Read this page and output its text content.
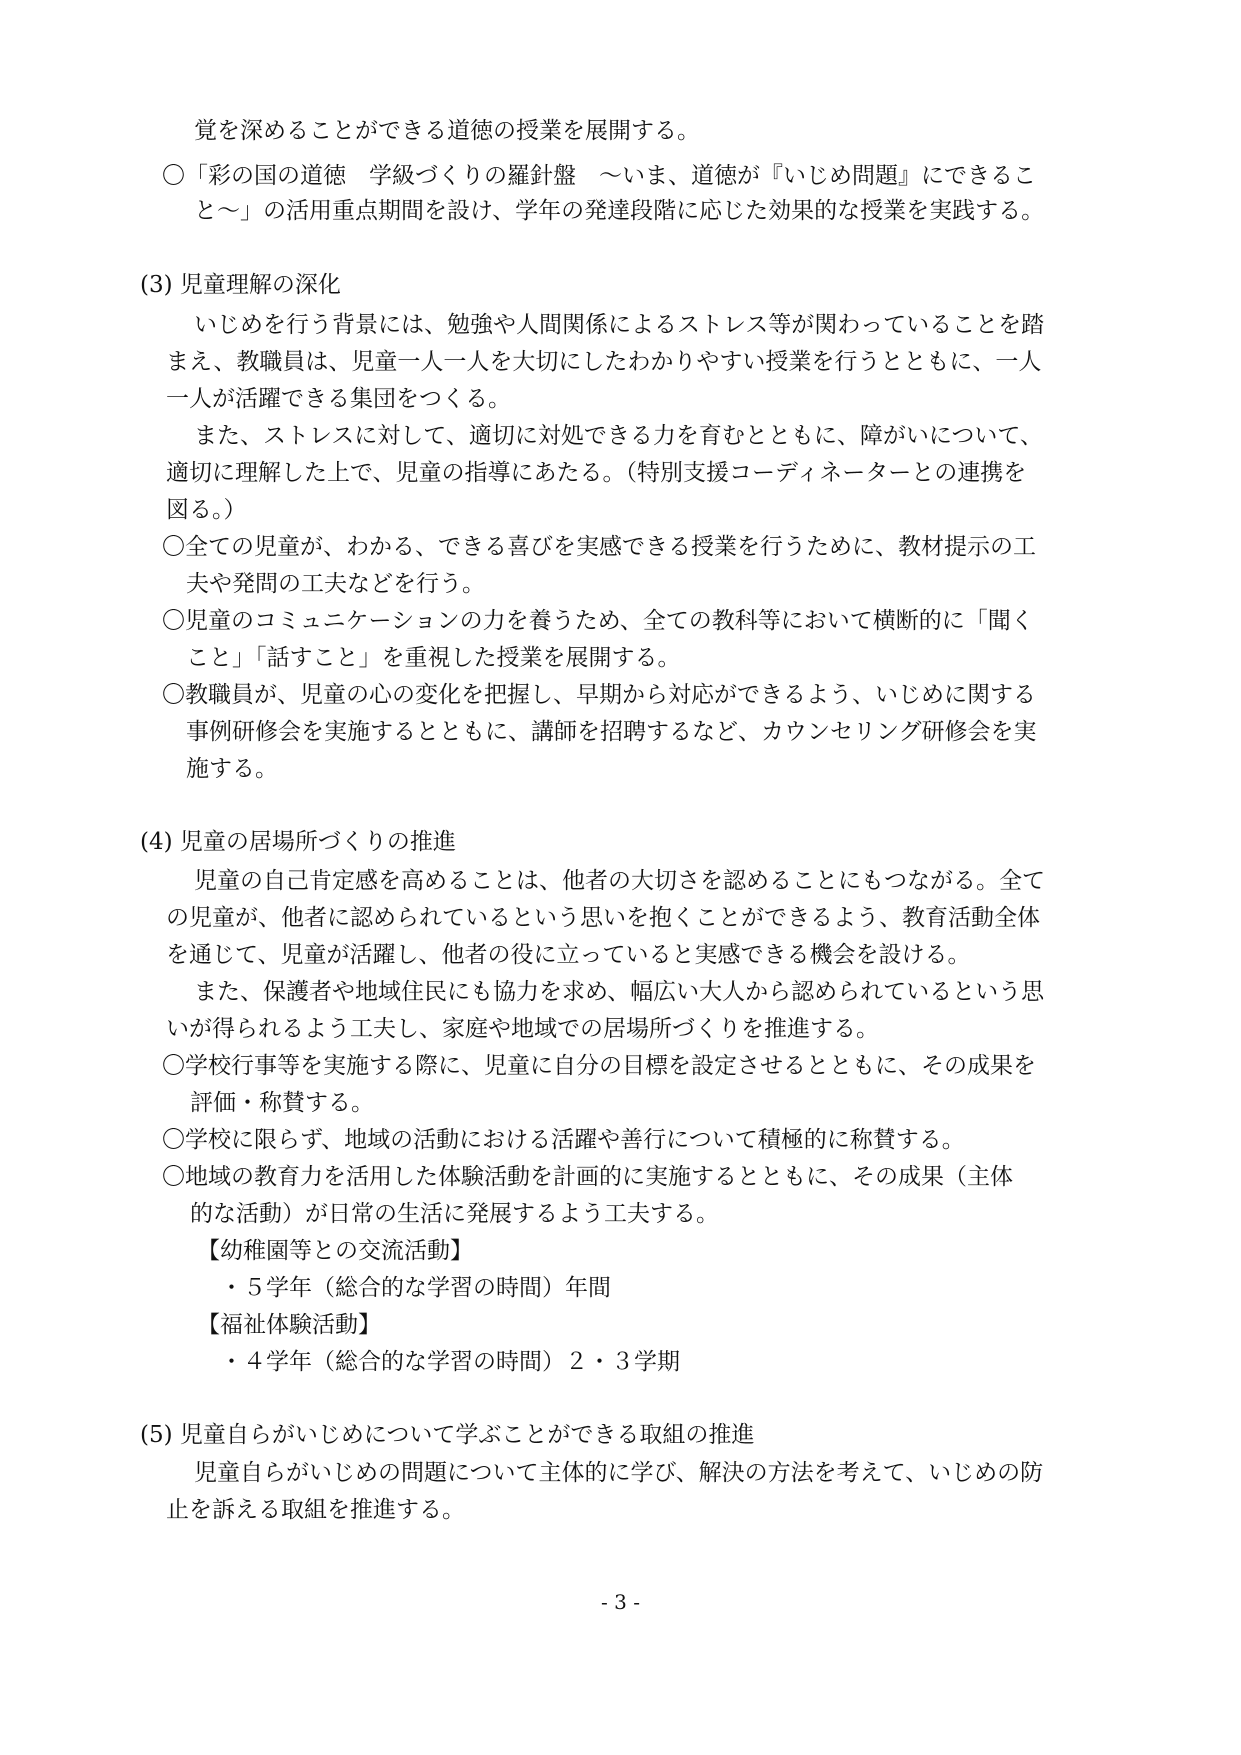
覚を深めることができる道徳の授業を展開する。
〇「彩の国の道徳　学級づくりの羅針盤　～いま、道徳が『いじめ問題』にできるこ
と～」の活用重点期間を設け、学年の発達段階に応じた効果的な授業を実践する。
(3) 児童理解の深化
いじめを行う背景には、勉強や人間関係によるストレス等が関わっていることを踏
まえ、教職員は、児童一人一人を大切にしたわかりやすい授業を行うとともに、一人
一人が活躍できる集団をつくる。
また、ストレスに対して、適切に対処できる力を育むとともに、障がいについて、
適切に理解した上で、児童の指導にあたる。（特別支援コーディネーターとの連携を
図る。）
〇全ての児童が、わかる、できる喜びを実感できる授業を行うために、教材提示の工
夫や発問の工夫などを行う。
〇児童のコミュニケーションの力を養うため、全ての教科等において横断的に「聞く
こと」「話すこと」を重視した授業を展開する。
〇教職員が、児童の心の変化を把握し、早期から対応ができるよう、いじめに関する
事例研修会を実施するとともに、講師を招聘するなど、カウンセリング研修会を実
施する。
(4) 児童の居場所づくりの推進
児童の自己肯定感を高めることは、他者の大切さを認めることにもつながる。全て
の児童が、他者に認められているという思いを抱くことができるよう、教育活動全体
を通じて、児童が活躍し、他者の役に立っていると実感できる機会を設ける。
また、保護者や地域住民にも協力を求め、幅広い大人から認められているという思
いが得られるよう工夫し、家庭や地域での居場所づくりを推進する。
〇学校行事等を実施する際に、児童に自分の目標を設定させるとともに、その成果を
評価・称賛する。
〇学校に限らず、地域の活動における活躍や善行について積極的に称賛する。
〇地域の教育力を活用した体験活動を計画的に実施するとともに、その成果（主体
的な活動）が日常の生活に発展するよう工夫する。
【幼稚園等との交流活動】
・５学年（総合的な学習の時間）年間
【福祉体験活動】
・４学年（総合的な学習の時間）２・３学期
(5) 児童自らがいじめについて学ぶことができる取組の推進
児童自らがいじめの問題について主体的に学び、解決の方法を考えて、いじめの防
止を訴える取組を推進する。
- 3 -
